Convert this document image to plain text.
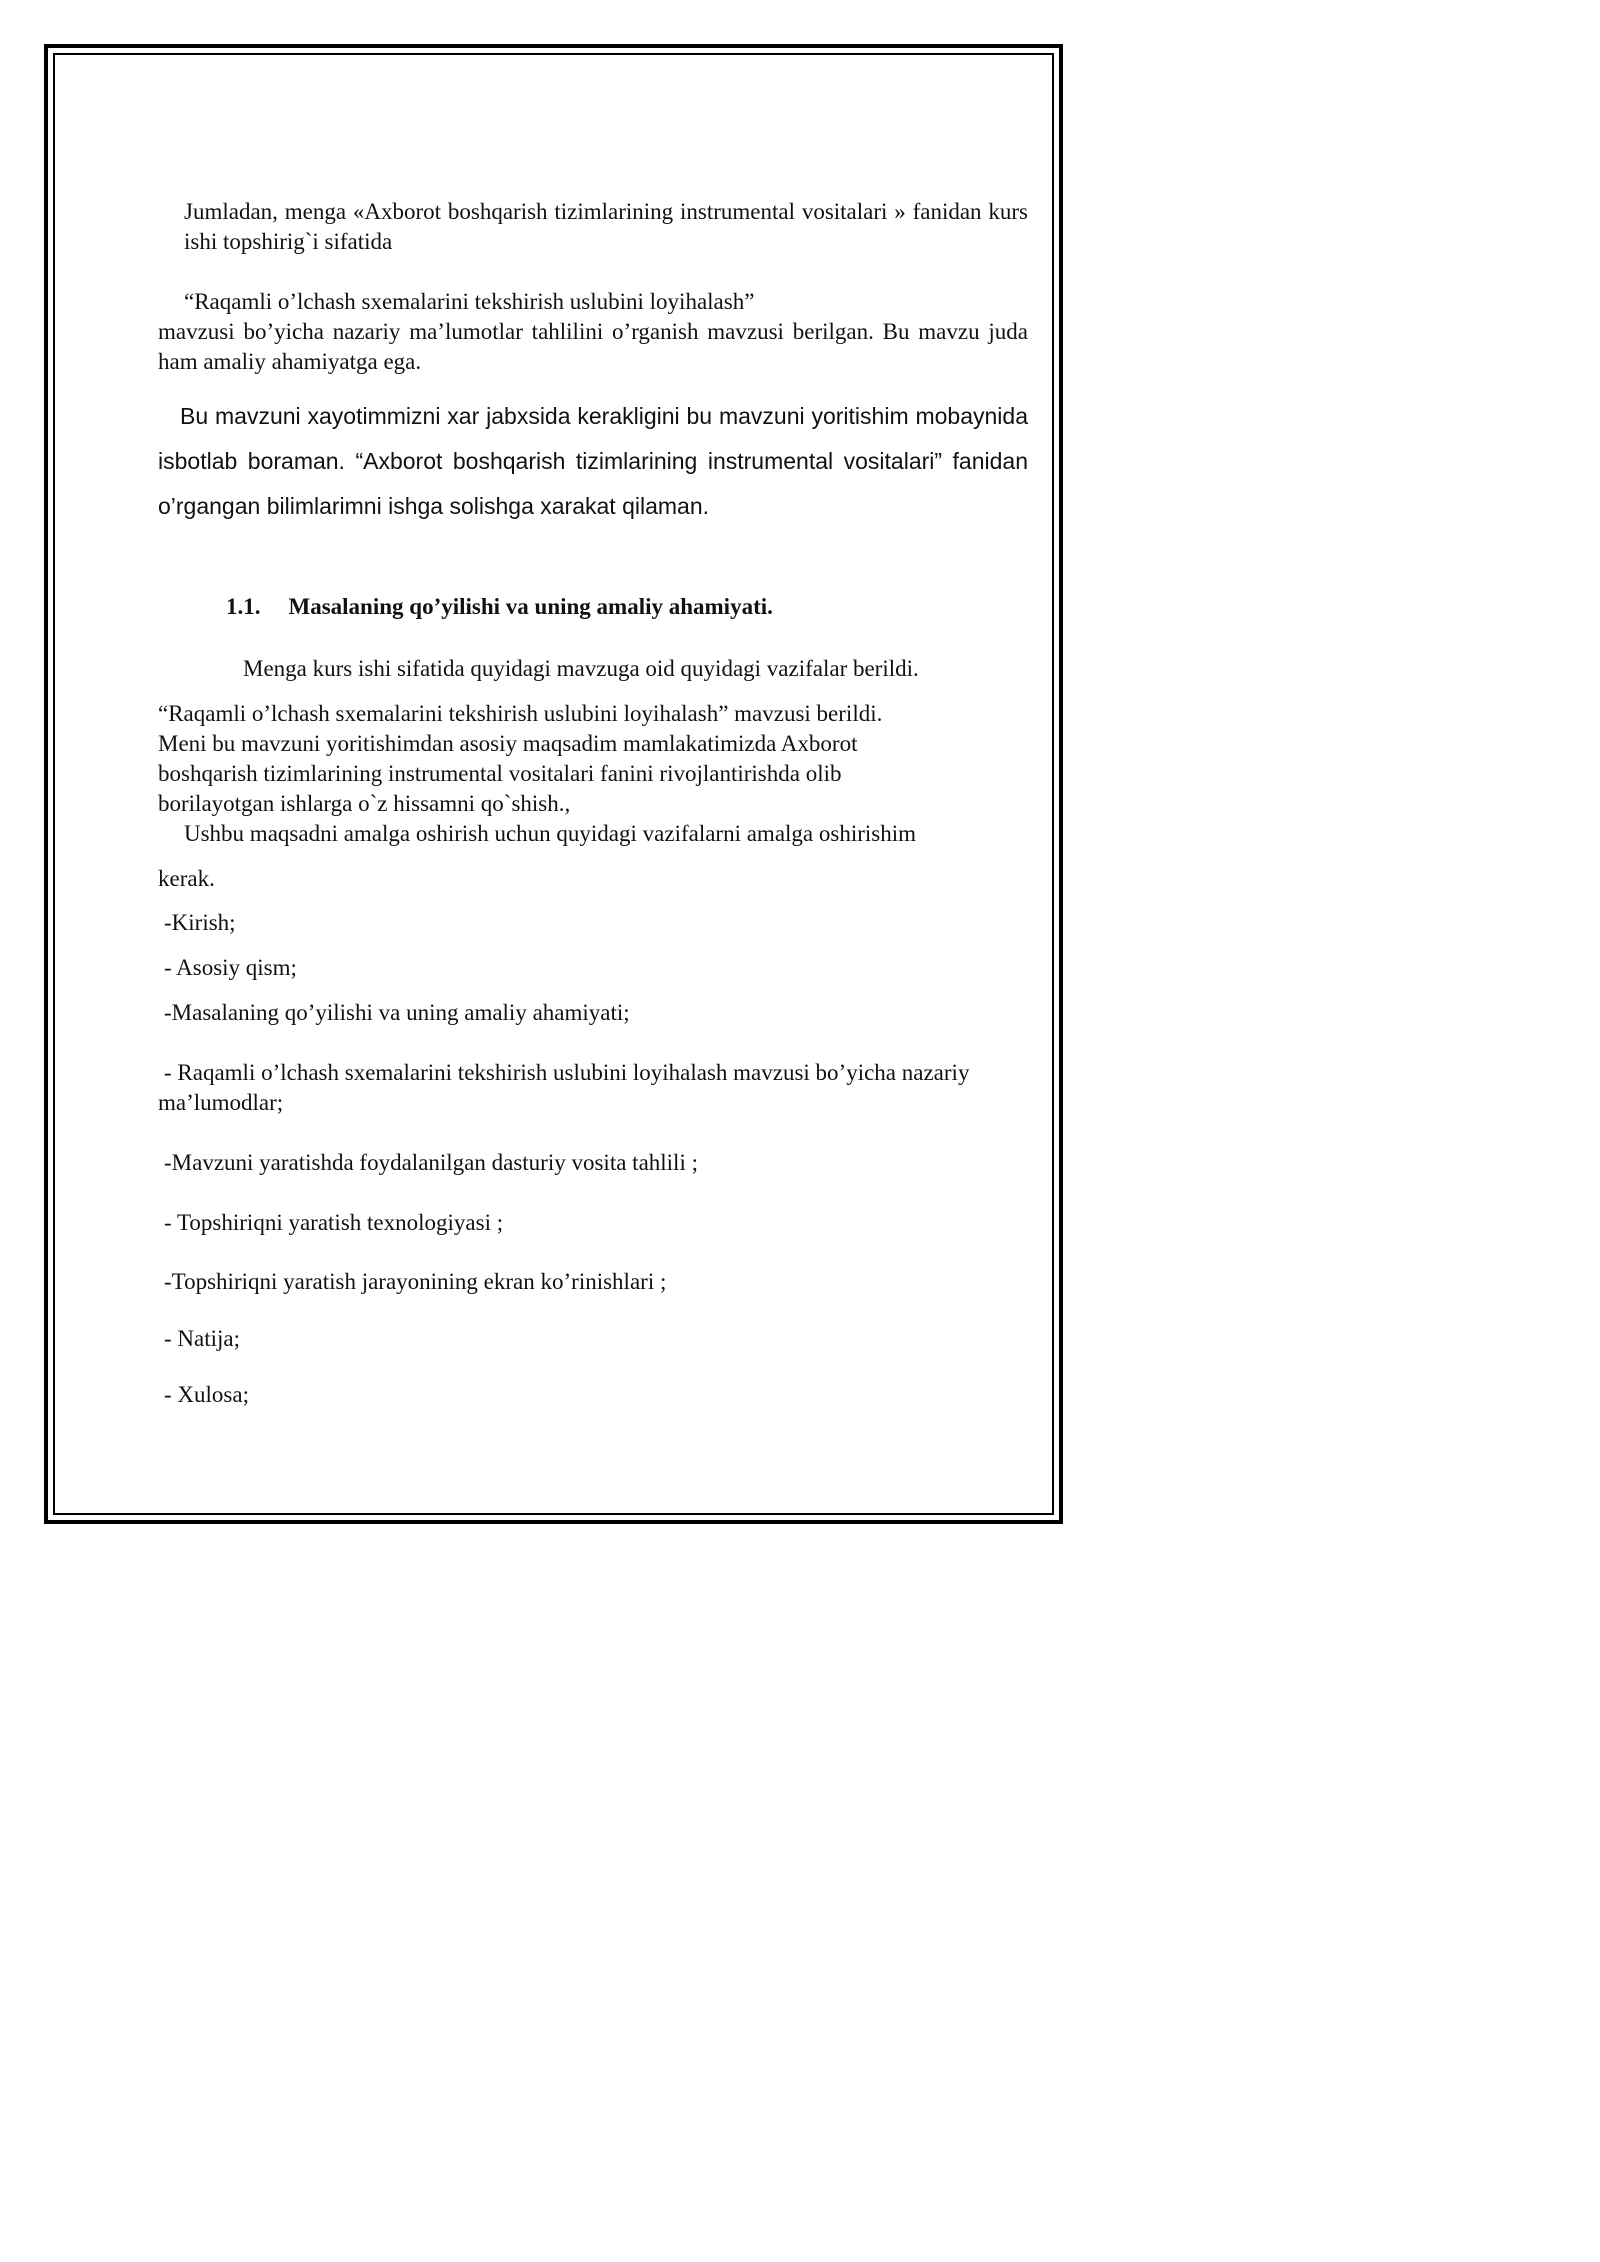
Jumladan, menga «Axborot boshqarish tizimlarining instrumental vositalari » fanidan kurs ishi topshirig`i sifatida

“Raqamli o’lchash sxemalarini tekshirish uslubini loyihalash”

mavzusi bo’yicha nazariy ma’lumotlar tahlilini o’rganish mavzusi berilgan. Bu mavzu juda ham amaliy ahamiyatga ega.

Bu mavzuni xayotimmizni xar jabxsida kerakligini bu mavzuni yoritishim mobaynida isbotlab boraman. “Axborot boshqarish tizimlarining instrumental vositalari” fanidan o’rgangan bilimlarimni ishga solishga xarakat qilaman.

1.1. Masalaning qo’yilishi va uning amaliy ahamiyati.

Menga kurs ishi sifatida quyidagi mavzuga oid quyidagi vazifalar berildi.

“Raqamli o’lchash sxemalarini tekshirish uslubini loyihalash” mavzusi berildi.

Meni bu mavzuni yoritishimdan asosiy maqsadim mamlakatimizda Axborot

boshqarish tizimlarining instrumental vositalari fanini rivojlantirishda olib

borilayotgan ishlarga o`z hissamni qo`shish.,

Ushbu maqsadni amalga oshirish uchun quyidagi vazifalarni amalga oshirishim

kerak.

-Kirish;

- Asosiy qism;

-Masalaning qo’yilishi va uning amaliy ahamiyati;

- Raqamli o’lchash sxemalarini tekshirish uslubini loyihalash mavzusi bo’yicha nazariy ma’lumodlar;

-Mavzuni yaratishda foydalanilgan dasturiy vosita tahlili ;

- Topshiriqni yaratish texnologiyasi ;

-Topshiriqni yaratish jarayonining ekran ko’rinishlari ;

- Natija;

- Xulosa;
